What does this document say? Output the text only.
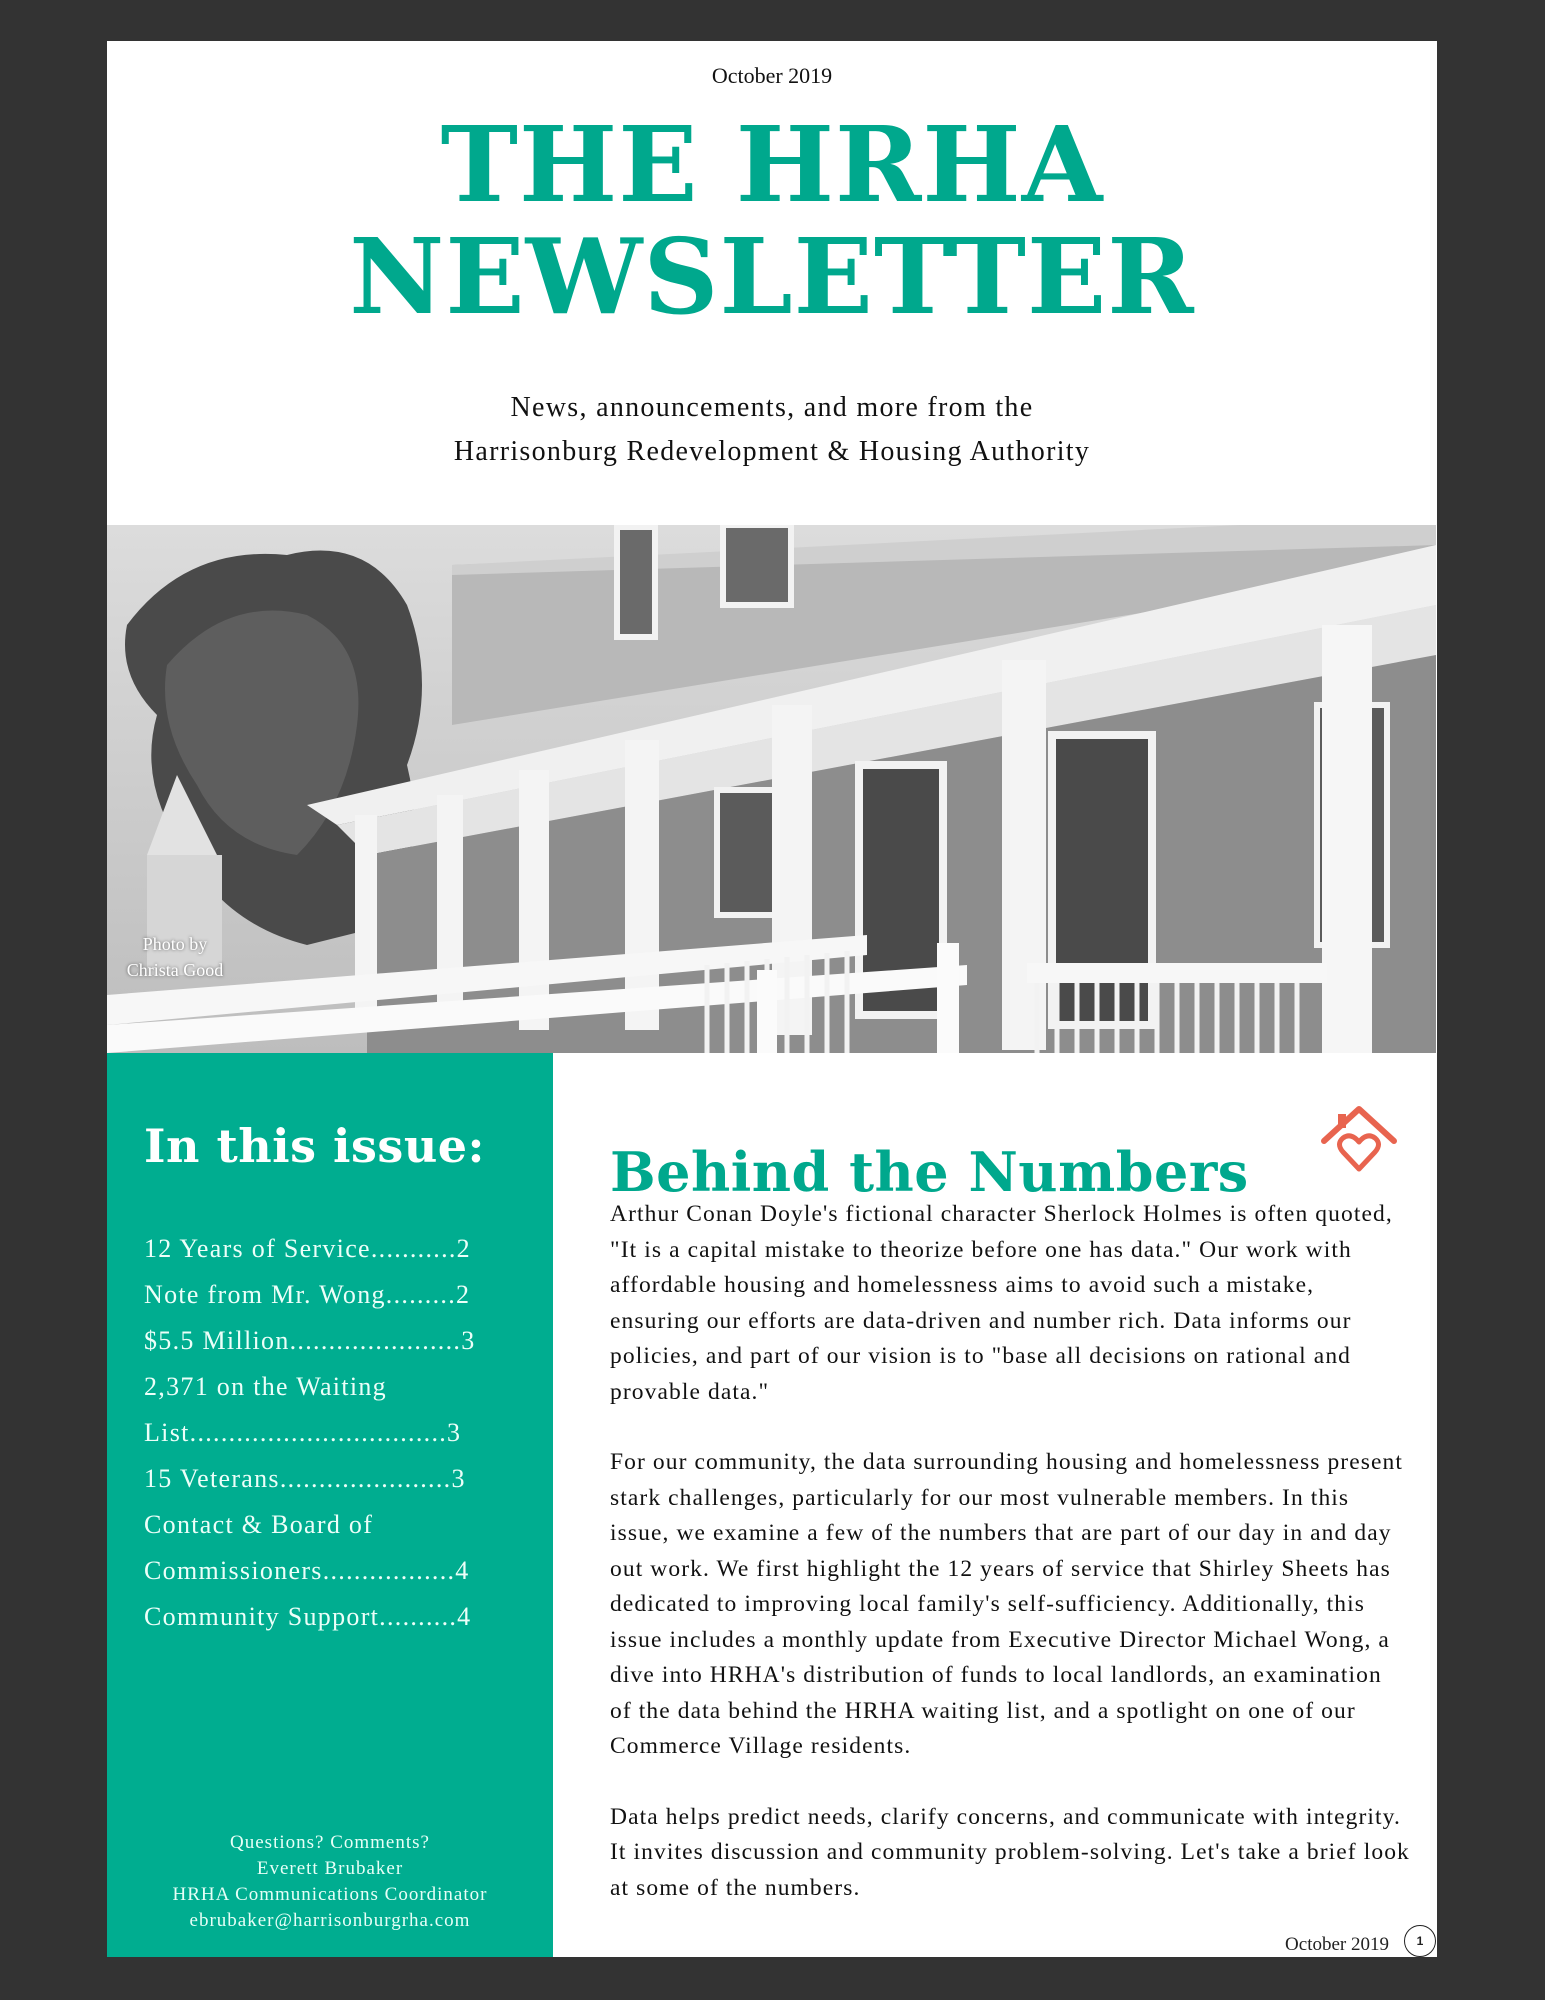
October 2019
THE HRHA
NEWSLETTER
News, announcements, and more from the
Harrisonburg Redevelopment & Housing Authority
Photo by
Christa Good
In this issue:
12 Years of Service...........2
Note from Mr. Wong.........2
$5.5 Million......................3
2,371 on the Waiting
List.................................3
15 Veterans......................3
Contact & Board of
Commissioners.................4
Community Support..........4
Questions? Comments?
Everett Brubaker
HRHA Communications Coordinator
ebrubaker@harrisonburgrha.com
Behind the Numbers

Arthur Conan Doyle's fictional character Sherlock Holmes is often quoted, "It is a capital mistake to theorize before one has data." Our work with affordable housing and homelessness aims to avoid such a mistake, ensuring our efforts are data-driven and number rich. Data informs our policies, and part of our vision is to "base all decisions on rational and provable data."

For our community, the data surrounding housing and homelessness present stark challenges, particularly for our most vulnerable members. In this issue, we examine a few of the numbers that are part of our day in and day out work. We first highlight the 12 years of service that Shirley Sheets has dedicated to improving local family's self-sufficiency. Additionally, this issue includes a monthly update from Executive Director Michael Wong, a dive into HRHA's distribution of funds to local landlords, an examination of the data behind the HRHA waiting list, and a spotlight on one of our Commerce Village residents.

Data helps predict needs, clarify concerns, and communicate with integrity. It invites discussion and community problem-solving. Let's take a brief look at some of the numbers.

October 2019	1
